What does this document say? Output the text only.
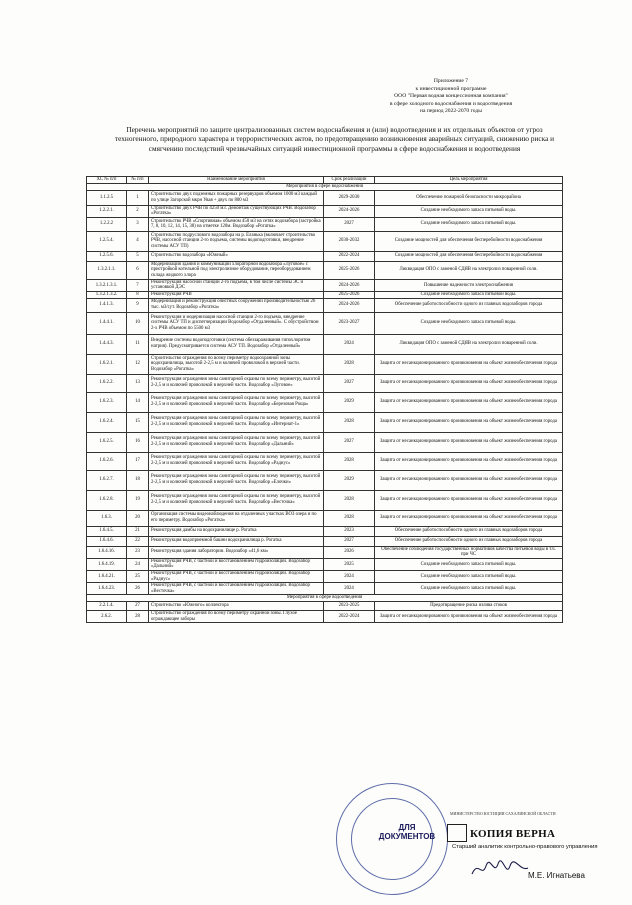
Приложение 7
к инвестиционной программе
ООО "Первая водная концессионная компания"
в сфере холодного водоснабжения и водоотведения
на период 2022-2070 годы
Перечень мероприятий по защите централизованных систем водоснабжения и (или) водоотведения и их отдельных объектов от угроз техногенного, природного характера и террористических актов, по предотвращению возникновения аварийных ситуаций, снижению риска и смягчению последствий чрезвычайных ситуаций инвестиционной программы в сфере водоснабжения и водоотведения
ХС № п/п	№ п/п	Наименование мероприятия	Срок реализации	Цель мероприятия
Мероприятия в сфере водоснабжения				
1.1.2.5	1	Строительство двух подземных пожарных резервуаров объемом 1000 м3 каждый по улице Загорской мкрн Увая + двух по 800 м3	2029-2030	Обеспечение пожарной безопасности микрорайона
1.2.2.1.	2	Строительство двух РЧВ по 4250 м3. Демонтаж существующих РЧВ. Водозабор «Рогатка»	2024-2026	Создание необходимого запаса питьевой воды.
1.2.2.2	3	Строительство РЧВ «Спортивная» объемом 450 м3 на сетях водозабора (застройка 7, 8, 10, 12, 14, 15, 38) на отметке 120м. Водозабор «Рогатка»	2027	Создание необходимого запаса питьевой воды.
1.2.5.4.	4	Строительство подруслового водозабора на р. Еланька (включает строительство РЧВ, насосной станции 2-го подъема, системы водоподготовки, внедрение системы АСУ ТП)	2030-2032	Создание мощностей для обеспечения бесперебойности водоснабжения
1.2.5.6.	5	Строительство водозабора «Южный»	2022-2024	Создание мощностей для обеспечения бесперебойности водоснабжения
1.3.2.1.1.	6	Модернизация здания и коммуникаций хлораторной водозабора «Луговое» с пристройкой котельной под электролизное оборудование, переоборудованием склада жидкого хлора	2025-2026	Ликвидация ОПО с заменой СДЯВ на электролиз поваренной соли.
1.3.2.1.3.1.	7	Реконструкция насосной станции 2-го подъема, в том числе системы ЭС и установкой ДЭС	2024-2026	Повышение надежности электроснабжения
1.3.2.1.3.2.	8	Реконструкция РЧВ	2025-2026	Создание необходимого запаса питьевой воды.
1.4.1.3.	9	Модернизация и реконструкция очистных сооружений производительностью 26 тыс. м3/сут. Водозабор «Рогатка»	2024-2026	Обеспечение работоспособности одного из главных водозаборов города
1.4.4.1.	10	Реконструкция и модернизация насосной станции 2-го подъема, внедрение системы АСУ ТП и диспетчеризации Водозабор «Отдаленный». С обустройством 2-х РЧВ объемом по 5500 м3	2023-2027	Создание необходимого запаса питьевой воды.
1.4.4.3.	11	Внедрение системы водоподготовки (система обеззараживания гипохлоритом натрия). Предусматривается система АСУ ТП. Водозабор «Отдаленный»	2024	Ликвидация ОПО с заменой СДЯВ на электролиз поваренной соли.
1.6.2.1.	12	Строительство ограждения по всему периметру водоохранной зоны водохранилища, высотой 2-2,5 м и колючей проволокой в верхней части. Водозабор «Рогатка»	2028	Защита от несанкционированного проникновения на объект жизнеобеспечения города
1.6.2.2.	13	Реконструкция ограждения зоны санитарной охраны по всему периметру, высотой 2-2,5 м и колючей проволокой в верхней части. Водозабор «Луговое»	2027	Защита от несанкционированного проникновения на объект жизнеобеспечения города
1.6.2.3.	14	Реконструкция ограждения зоны санитарной охраны по всему периметру, высотой 2-2,5 м и колючей проволокой в верхней части. Водозабор «Березовая Роща»	2029	Защита от несанкционированного проникновения на объект жизнеобеспечения города
1.6.2.4.	15	Реконструкция ограждения зоны санитарной охраны по всему периметру, высотой 2-2,5 м и колючей проволокой в верхней части. Водозабор «Интернат-1»	2028	Защита от несанкционированного проникновения на объект жизнеобеспечения города
1.6.2.5.	16	Реконструкция ограждения зоны санитарной охраны по всему периметру, высотой 2-2,5 м и колючей проволокой в верхней части. Водозабор «Дальний»	2027	Защита от несанкционированного проникновения на объект жизнеобеспечения города
1.6.2.6.	17	Реконструкция ограждения зоны санитарной охраны по всему периметру, высотой 2-2,5 м и колючей проволокой в верхней части. Водозабор «Радиус»	2028	Защита от несанкционированного проникновения на объект жизнеобеспечения города
1.6.2.7.	18	Реконструкция ограждения зоны санитарной охраны по всему периметру, высотой 2-2,5 м и колючей проволокой в верхней части. Водозабор «Елочки»	2029	Защита от несанкционированного проникновения на объект жизнеобеспечения города
1.6.2.8.	19	Реконструкция ограждения зоны санитарной охраны по всему периметру, высотой 2-2,5 м и колючей проволокой в верхней части. Водозабор «Весточка»	2028	Защита от несанкционированного проникновения на объект жизнеобеспечения города
1.6.3.	20	Организация системы видеонаблюдения на отдаленных участках ВОЗ озера и по его периметру. Водозабор «Рогатка»	2028	Защита от несанкционированного проникновения на объект жизнеобеспечения города
1.6.4.5.	21	Реконструкция дамбы на водохранилище р. Рогатка	2023	Обеспечение работоспособности одного из главных водозаборов города
1.6.4.6.	22	Реконструкция водоприемной башни водохранилища р. Рогатка	2027	Обеспечение работоспособности одного из главных водозаборов города
1.6.4.16.	23	Реконструкция здания лаборатории. Водозабор «41,6 км»	2026	Обеспечение соблюдения государственных нормативов качества питьевой воды в т.ч. при ЧС
1.6.4.19.	24	Реконструкция РЧВ, с частной и восстановлением гидроизоляции. Водозабор «Дальний»	2025	Создание необходимого запаса питьевой воды.
1.6.4.21.	25	Реконструкция РЧВ, с частной и восстановлением гидроизоляции. Водозабор «Радиус»	2024	Создание необходимого запаса питьевой воды.
1.6.4.23.	26	Реконструкция РЧВ, с частной и восстановлением гидроизоляции. Водозабор «Весточка»	2024	Создание необходимого запаса питьевой воды.
Мероприятия в сфере водоотведения				
2.2.1.4.	27	Строительство «Южного» коллектора	2023-2025	Предотвращение риска излива стоков
2.6.2.	28	Строительство ограждения по всему периметру охранной зоны. Глухое ограждающее заборы	2022-2024	Защита от несанкционированного проникновения на объект жизнеобеспечения города
ДЛЯ ДОКУМЕНТОВ
МИНИСТЕРСТВО ЮСТИЦИИ САХАЛИНСКОЙ ОБЛАСТИ
КОПИЯ ВЕРНА
Старший аналитик контрольно-правового управления
М.Е. Игнатьева
